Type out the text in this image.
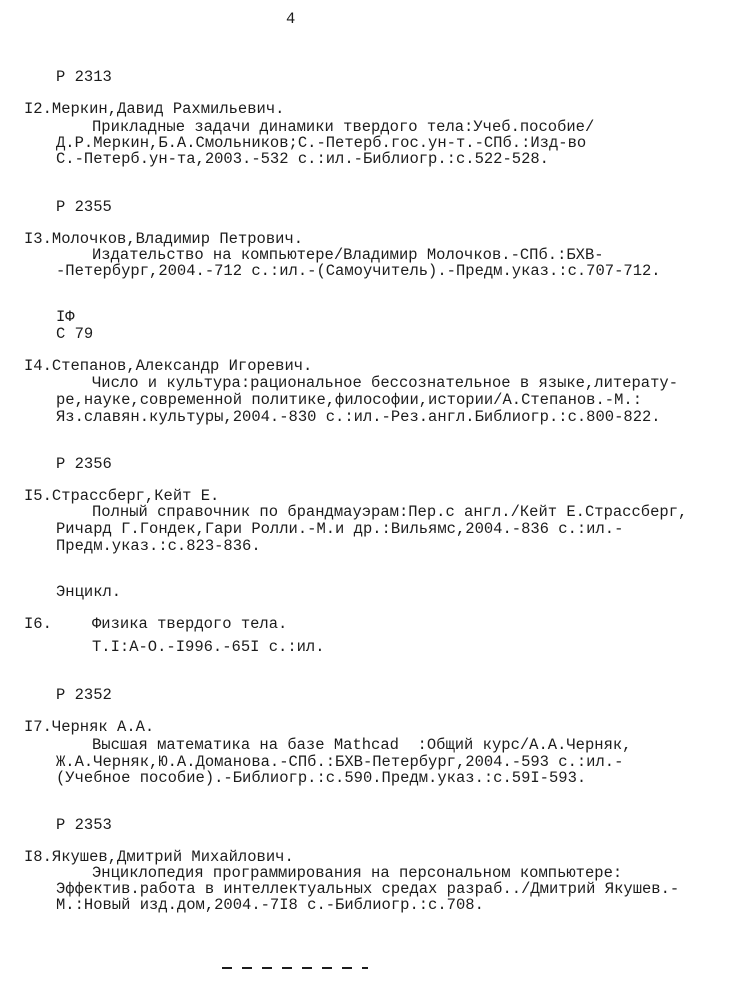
4
Р 2313
I2.Меркин,Давид Рахмильевич.
Прикладные задачи динамики твердого тела:Учеб.пособие/
Д.Р.Меркин,Б.А.Смольников;С.-Петерб.гос.ун-т.-СПб.:Изд-во
С.-Петерб.ун-та,2003.-532 с.:ил.-Библиогр.:с.522-528.
Р 2355
I3.Молочков,Владимир Петрович.
Издательство на компьютере/Владимир Молочков.-СПб.:БХВ-
-Петербург,2004.-712 с.:ил.-(Самоучитель).-Предм.указ.:с.707-712.
IФ
С 79
I4.Степанов,Александр Игоревич.
Число и культура:рациональное бессознательное в языке,литерату-
ре,науке,современной политике,философии,истории/А.Степанов.-М.:
Яз.славян.культуры,2004.-830 с.:ил.-Рез.англ.Библиогр.:с.800-822.
Р 2356
I5.Страссберг,Кейт Е.
Полный справочник по брандмауэрам:Пер.с англ./Кейт Е.Страссберг,
Ричард Г.Гондек,Гари Ролли.-М.и др.:Вильямс,2004.-836 с.:ил.-
Предм.указ.:с.823-836.
Энцикл.
I6.	Физика твердого тела.
Т.I:А-О.-I996.-65I с.:ил.
Р 2352
I7.Черняк А.А.
Высшая математика на базе Mathcad  :Общий курс/А.А.Черняк,
Ж.А.Черняк,Ю.А.Доманова.-СПб.:БХВ-Петербург,2004.-593 с.:ил.-
(Учебное пособие).-Библиогр.:с.590.Предм.указ.:с.59I-593.
Р 2353
I8.Якушев,Дмитрий Михайлович.
Энциклопедия программирования на персональном компьютере:
Эффектив.работа в интеллектуальных средах разраб../Дмитрий Якушев.-
М.:Новый изд.дом,2004.-7I8 с.-Библиогр.:с.708.
